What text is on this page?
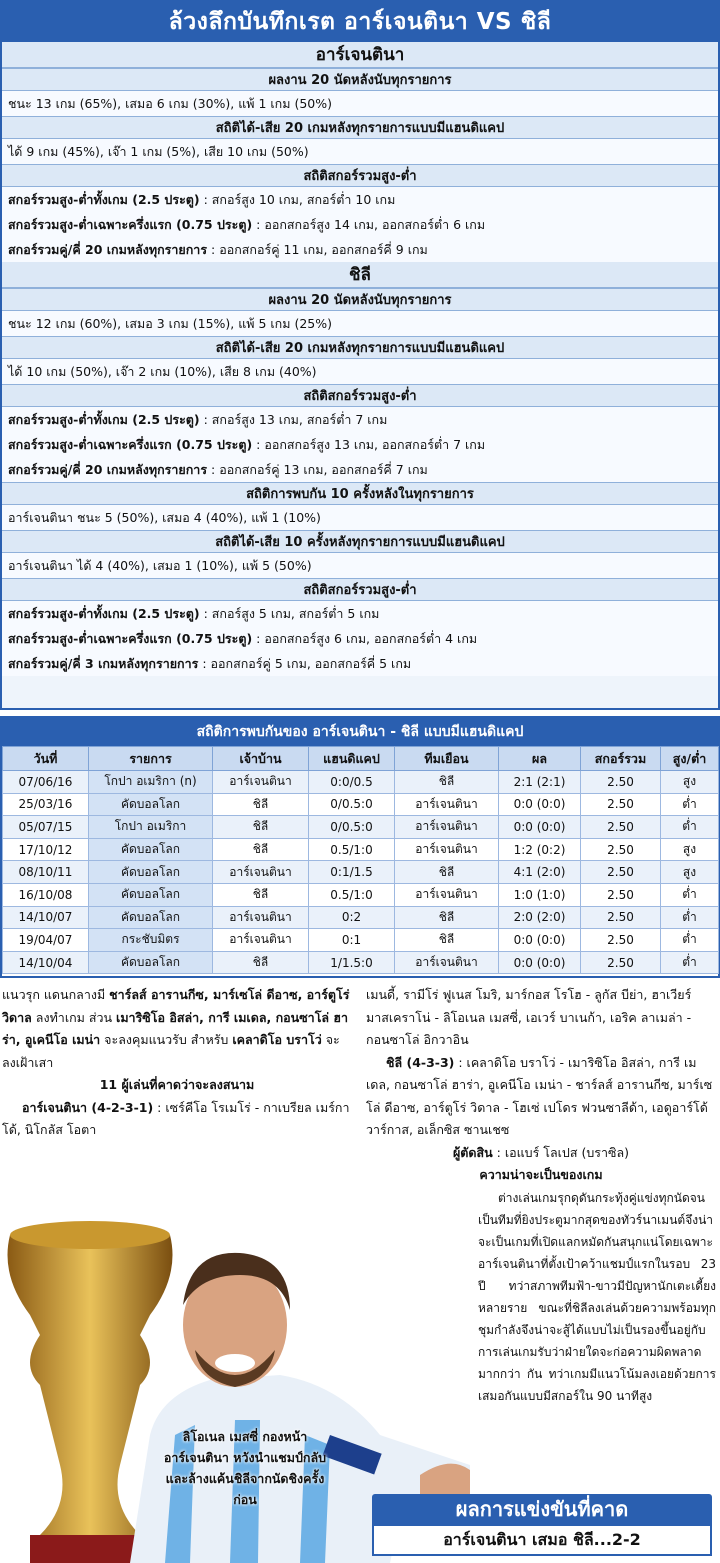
ล้วงลึกบันทึกเรต อาร์เจนตินา VS ชิลี
อาร์เจนตินา
ผลงาน 20 นัดหลังนับทุกรายการ
ชนะ 13 เกม (65%), เสมอ 6 เกม (30%), แพ้ 1 เกม (50%)
สถิติได้-เสีย 20 เกมหลังทุกรายการแบบมีแฮนดิแคป
ได้ 9 เกม (45%), เจ๊า 1 เกม (5%), เสีย 10 เกม (50%)
สถิติสกอร์รวมสูง-ต่ำ
สกอร์รวมสูง-ต่ำทั้งเกม (2.5 ประตู) : สกอร์สูง 10 เกม, สกอร์ต่ำ 10 เกม
สกอร์รวมสูง-ต่ำเฉพาะครึ่งแรก (0.75 ประตู) : ออกสกอร์สูง 14 เกม, ออกสกอร์ต่ำ 6 เกม
สกอร์รวมคู่/คี่ 20 เกมหลังทุกรายการ : ออกสกอร์คู่ 11 เกม, ออกสกอร์คี่ 9 เกม
ชิลี
ผลงาน 20 นัดหลังนับทุกรายการ
ชนะ 12 เกม (60%), เสมอ 3 เกม (15%), แพ้ 5 เกม (25%)
สถิติได้-เสีย 20 เกมหลังทุกรายการแบบมีแฮนดิแคป
ได้ 10 เกม (50%), เจ๊า 2 เกม (10%), เสีย 8 เกม (40%)
สถิติสกอร์รวมสูง-ต่ำ
สกอร์รวมสูง-ต่ำทั้งเกม (2.5 ประตู) : สกอร์สูง 13 เกม, สกอร์ต่ำ 7 เกม
สกอร์รวมสูง-ต่ำเฉพาะครึ่งแรก (0.75 ประตู) : ออกสกอร์สูง 13 เกม, ออกสกอร์ต่ำ 7 เกม
สกอร์รวมคู่/คี่ 20 เกมหลังทุกรายการ : ออกสกอร์คู่ 13 เกม, ออกสกอร์คี่ 7 เกม
สถิติการพบกัน 10 ครั้งหลังในทุกรายการ
อาร์เจนตินา ชนะ 5 (50%), เสมอ 4 (40%), แพ้ 1 (10%)
สถิติได้-เสีย 10 ครั้งหลังทุกรายการแบบมีแฮนดิแคป
อาร์เจนตินา ได้ 4 (40%), เสมอ 1 (10%), แพ้ 5 (50%)
สถิติสกอร์รวมสูง-ต่ำ
สกอร์รวมสูง-ต่ำทั้งเกม (2.5 ประตู) : สกอร์สูง 5 เกม, สกอร์ต่ำ 5 เกม
สกอร์รวมสูง-ต่ำเฉพาะครึ่งแรก (0.75 ประตู) : ออกสกอร์สูง 6 เกม, ออกสกอร์ต่ำ 4 เกม
สกอร์รวมคู่/คี่ 3 เกมหลังทุกรายการ : ออกสกอร์คู่ 5 เกม, ออกสกอร์คี่ 5 เกม
สถิติการพบกันของ อาร์เจนตินา - ชิลี แบบมีแฮนดิแคป
วันที่	รายการ	เจ้าบ้าน	แฮนดิแคป	ทีมเยือน	ผล	สกอร์รวม	สูง/ต่ำ
07/06/16	โกปา อเมริกา (n)	อาร์เจนตินา	0:0/0.5	ชิลี	2:1 (2:1)	2.50	สูง
25/03/16	คัดบอลโลก	ชิลี	0/0.5:0	อาร์เจนตินา	0:0 (0:0)	2.50	ต่ำ
05/07/15	โกปา อเมริกา	ชิลี	0/0.5:0	อาร์เจนตินา	0:0 (0:0)	2.50	ต่ำ
17/10/12	คัดบอลโลก	ชิลี	0.5/1:0	อาร์เจนตินา	1:2 (0:2)	2.50	สูง
08/10/11	คัดบอลโลก	อาร์เจนตินา	0:1/1.5	ชิลี	4:1 (2:0)	2.50	สูง
16/10/08	คัดบอลโลก	ชิลี	0.5/1:0	อาร์เจนตินา	1:0 (1:0)	2.50	ต่ำ
14/10/07	คัดบอลโลก	อาร์เจนตินา	0:2	ชิลี	2:0 (2:0)	2.50	ต่ำ
19/04/07	กระชับมิตร	อาร์เจนตินา	0:1	ชิลี	0:0 (0:0)	2.50	ต่ำ
14/10/04	คัดบอลโลก	ชิลี	1/1.5:0	อาร์เจนตินา	0:0 (0:0)	2.50	ต่ำ

แนวรุก แดนกลางมี ชาร์ลส์ อารานกีซ, มาร์เซโล่ ดีอาซ, อาร์ตูโร่ วิดาล ลงทำเกม ส่วน เมาริซิโอ อิสล่า, การี เมเดล, กอนซาโล่ ฮาร่า, อูเคนีโอ เมน่า จะลงคุมแนวรับ สำหรับ เคลาดิโอ บราโว่ จะลงเฝ้าเสา

11 ผู้เล่นที่คาดว่าจะลงสนาม

อาร์เจนตินา (4-2-3-1) : เซร์คีโอ โรเมโร่ - กาเบรียล เมร์กาโด้, นิโกลัส โอตา

เมนดี้, รามีโร่ ฟูเนส โมริ, มาร์กอส โรโฮ - ลูกัส บีย่า, ฮาเวียร์ มาสเคราโน่ - ลิโอเนล เมสซี่, เอเวร์ บาเนก้า, เอริค ลาเมล่า - กอนซาโล่ อิกวาอิน

ชิลี (4-3-3) : เคลาดิโอ บราโว่ - เมาริซิโอ อิสล่า, การี เมเดล, กอนซาโล่ ฮาร่า, อูเคนีโอ เมน่า - ชาร์ลส์ อารานกีซ, มาร์เซโล่ ดีอาซ, อาร์ตูโร่ วิดาล - โฮเซ่ เปโดร ฟวนซาลีด้า, เอดูอาร์โด้ วาร์กาส, อเล็กซิส ซานเชซ

ผู้ตัดสิน : เอแบร์ โลเปส (บราซิล)

ความน่าจะเป็นของเกม

ต่างเล่นเกมรุกดุดันกระทุ้งคู่แข่งทุกนัดจนเป็นทีมที่ยิงประตูมากสุดของทัวร์นาเมนต์จึงน่าจะเป็นเกมที่เปิดแลกหมัดกันสนุกแน่โดยเฉพาะอาร์เจนตินาที่ตั้งเป้าคว้าแชมป์แรกในรอบ 23 ปี ทว่าสภาพทีมฟ้า-ขาวมีปัญหานักเตะเดี้ยงหลายราย ขณะที่ชิลีลงเล่นด้วยความพร้อมทุกชุมกำลังจึงน่าจะสู้ได้แบบไม่เป็นรองขึ้นอยู่กับการเล่นเกมรับว่าฝ่ายใดจะก่อความผิดพลาดมากกว่า กัน ทว่าเกมมีแนวโน้มลงเอยด้วยการเสมอกันแบบมีสกอร์ใน 90 นาทีสูง

ลิโอเนล เมสซี่ กองหน้าอาร์เจนตินา หวังนำแชมป์กลับและล้างแค้นชิลีจากนัดชิงครั้งก่อน	ผลการแข่งขันที่คาด
อาร์เจนตินา เสมอ ชิลี...2-2
